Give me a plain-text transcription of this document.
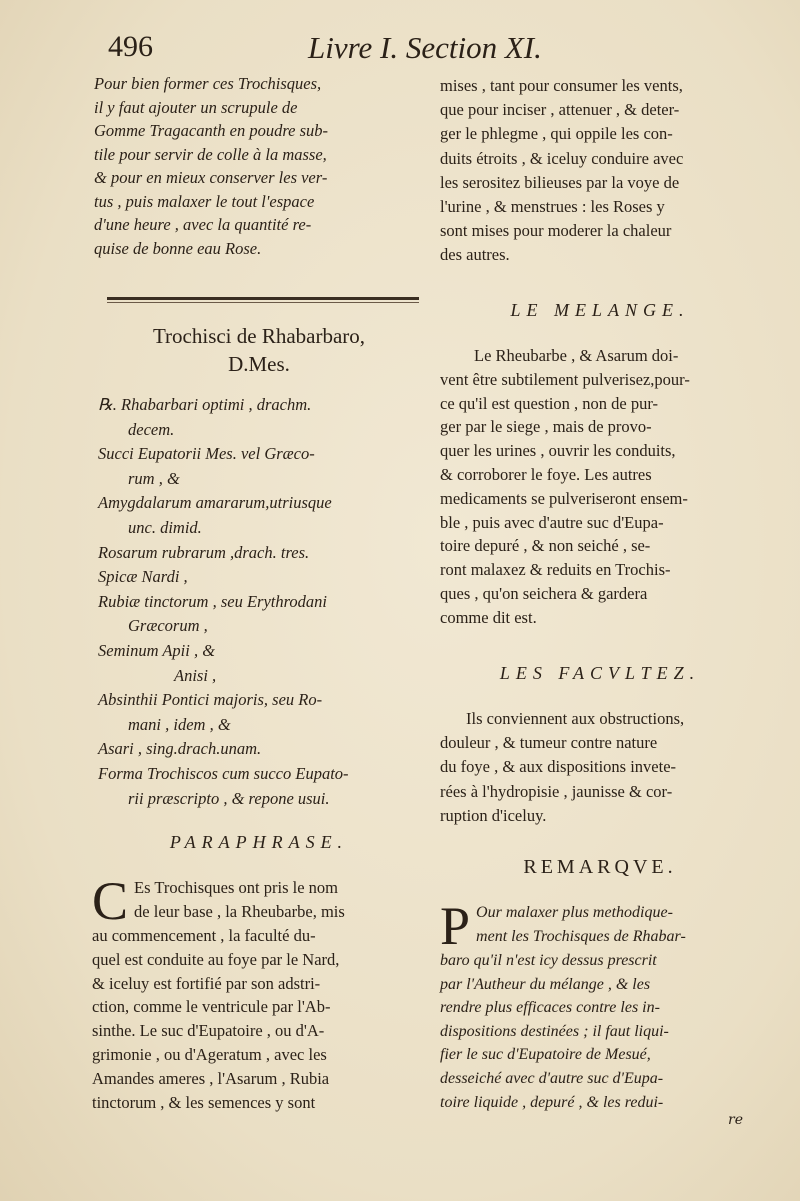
496	Livre I. Section XI.
Pour bien former ces Trochisques,
il y faut ajouter un scrupule de
Gomme Tragacanth en poudre sub-
tile pour servir de colle à la masse,
& pour en mieux conserver les ver-
tus , puis malaxer le tout l'espace
d'une heure , avec la quantité re-
quise de bonne eau Rose.
Trochisci de Rhabarbaro,
D.Mes.
℞. Rhabarbari optimi , drachm.
decem.
Succi Eupatorii Mes. vel Græco-
rum , &
Amygdalarum amararum,utriusque
unc. dimid.
Rosarum rubrarum ,drach. tres.
Spicæ Nardi ,
Rubiæ tinctorum , seu Erythrodani
Græcorum ,
Seminum Apii , &
Anisi ,
Absinthii Pontici majoris, seu Ro-
mani , idem , &
Asari , sing.drach.unam.
Forma Trochiscos cum succo Eupato-
rii præscripto , & repone usui.
PARAPHRASE.
C Es Trochisques ont pris le nom
de leur base , la Rheubarbe, mis
au commencement , la faculté du-
quel est conduite au foye par le Nard,
& iceluy est fortifié par son adstri-
ction, comme le ventricule par l'Ab-
sinthe. Le suc d'Eupatoire , ou d'A-
grimonie , ou d'Ageratum , avec les
Amandes ameres , l'Asarum , Rubia
tinctorum , & les semences y sont
mises , tant pour consumer les vents,
que pour inciser , attenuer , & deter-
ger le phlegme , qui oppile les con-
duits étroits , & iceluy conduire avec
les serositez bilieuses par la voye de
l'urine , & menstrues : les Roses y
sont mises pour moderer la chaleur
des autres.
LE MELANGE.
Le Rheubarbe , & Asarum doi-
vent être subtilement pulverisez,pour-
ce qu'il est question , non de pur-
ger par le siege , mais de provo-
quer les urines , ouvrir les conduits,
& corroborer le foye. Les autres
medicaments se pulveriseront ensem-
ble , puis avec d'autre suc d'Eupa-
toire depuré , & non seiché , se-
ront malaxez & reduits en Trochis-
ques , qu'on seichera & gardera
comme dit est.
LES FACVLTEZ.
Ils conviennent aux obstructions,
douleur , & tumeur contre nature
du foye , & aux dispositions invete-
rées à l'hydropisie , jaunisse & cor-
ruption d'iceluy.
REMARQVE.
P Our malaxer plus methodique-
ment les Trochisques de Rhabar-
baro qu'il n'est icy dessus prescrit
par l'Autheur du mélange , & les
rendre plus efficaces contre les in-
dispositions destinées ; il faut liqui-
fier le suc d'Eupatoire de Mesué,
desseiché avec d'autre suc d'Eupa-
toire liquide , depuré , & les redui-
re
